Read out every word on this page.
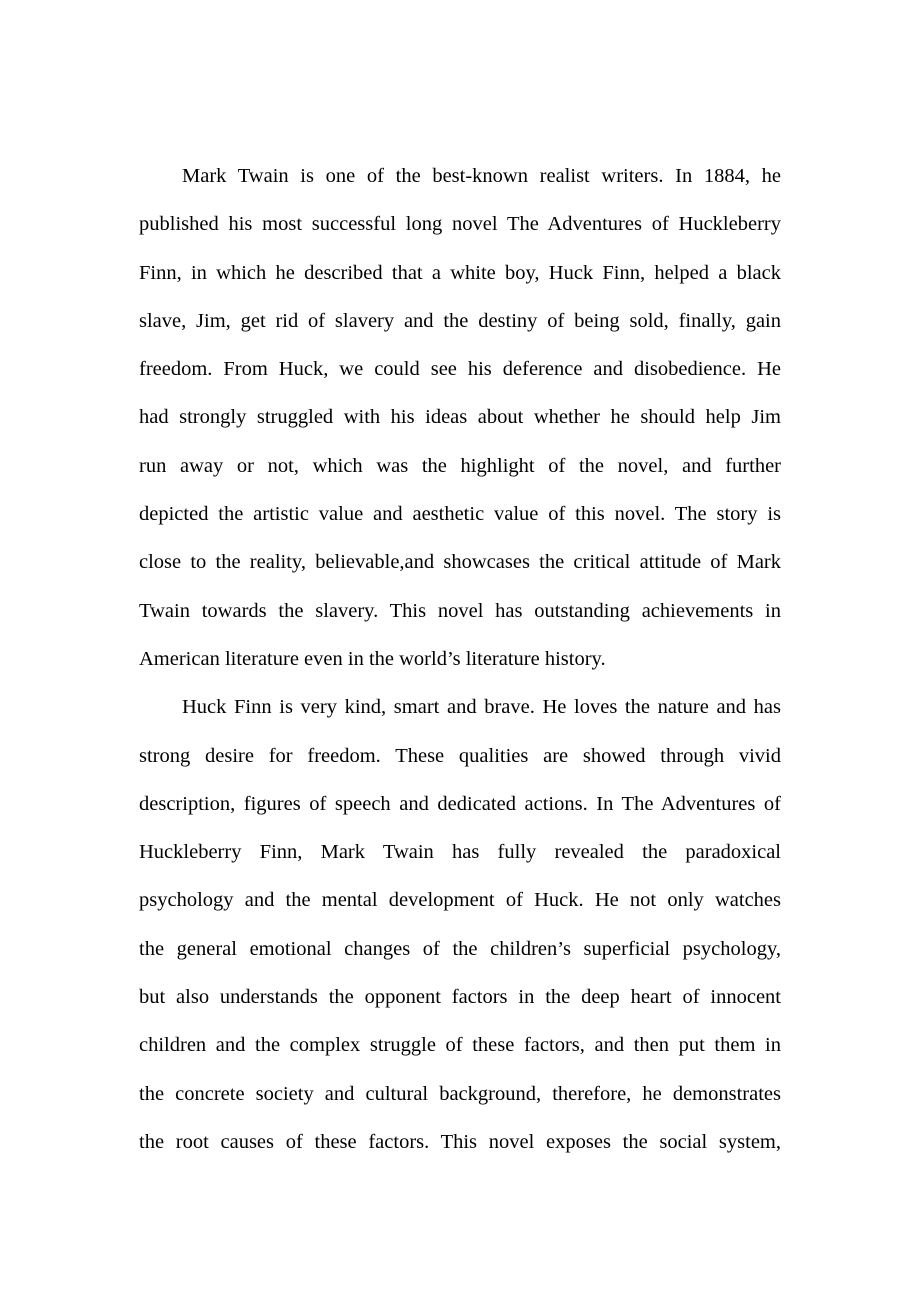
Mark Twain is one of the best-known realist writers. In 1884, he
published his most successful long novel The Adventures of Huckleberry
Finn, in which he described that a white boy, Huck Finn, helped a black
slave, Jim, get rid of slavery and the destiny of being sold, finally, gain
freedom. From Huck, we could see his deference and disobedience. He
had strongly struggled with his ideas about whether he should help Jim
run away or not, which was the highlight of the novel, and further
depicted the artistic value and aesthetic value of this novel. The story is
close to the reality, believable,and showcases the critical attitude of Mark
Twain towards the slavery. This novel has outstanding achievements in
American literature even in the world’s literature history.
Huck Finn is very kind, smart and brave. He loves the nature and has
strong desire for freedom. These qualities are showed through vivid
description, figures of speech and dedicated actions. In The Adventures of
Huckleberry Finn, Mark Twain has fully revealed the paradoxical
psychology and the mental development of Huck. He not only watches
the general emotional changes of the children’s superficial psychology,
but also understands the opponent factors in the deep heart of innocent
children and the complex struggle of these factors, and then put them in
the concrete society and cultural background, therefore, he demonstrates
the root causes of these factors. This novel exposes the social system,
